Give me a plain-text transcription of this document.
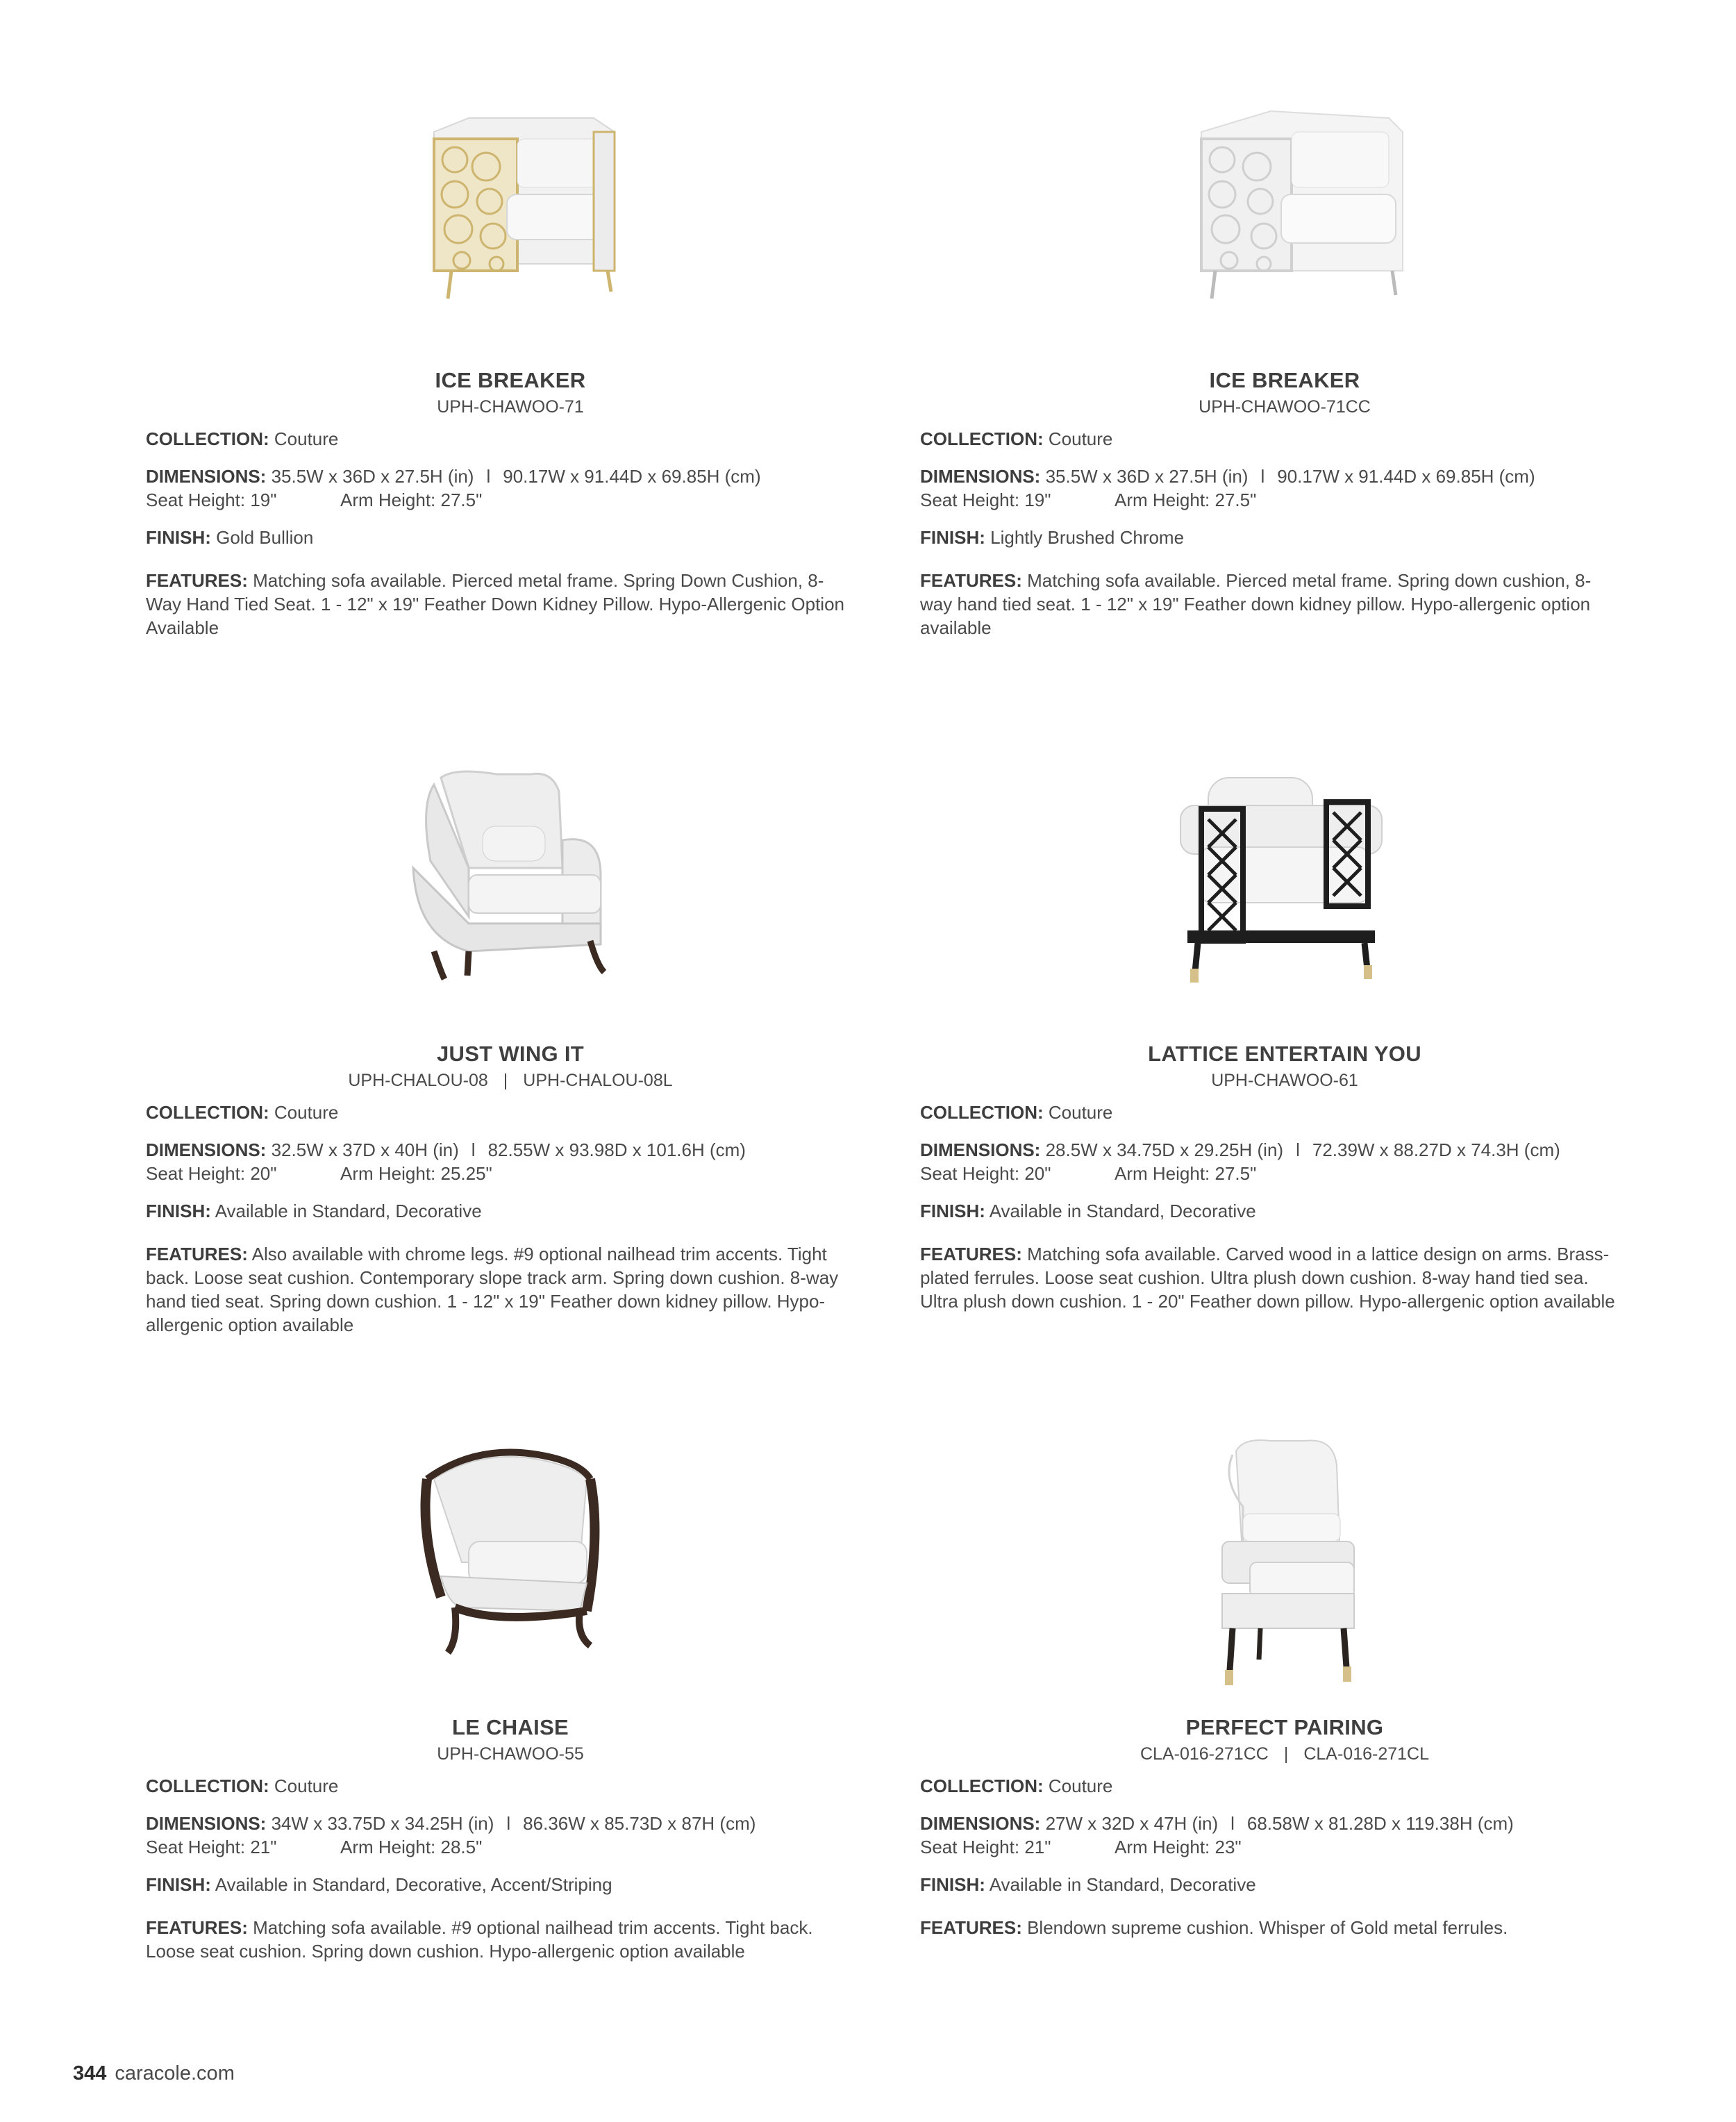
ICE BREAKER
UPH-CHAWOO-71
COLLECTION: Couture
DIMENSIONS: 35.5W x 36D x 27.5H (in) l 90.17W x 91.44D x 69.85H (cm)
Seat Height: 19"	Arm Height: 27.5"
FINISH: Gold Bullion
FEATURES: Matching sofa available. Pierced metal frame. Spring Down Cushion, 8-Way Hand Tied Seat. 1 - 12" x 19" Feather Down Kidney Pillow. Hypo-Allergenic Option Available
ICE BREAKER
UPH-CHAWOO-71CC
COLLECTION: Couture
DIMENSIONS: 35.5W x 36D x 27.5H (in) l 90.17W x 91.44D x 69.85H (cm)
Seat Height: 19"	Arm Height: 27.5"
FINISH: Lightly Brushed Chrome
FEATURES: Matching sofa available. Pierced metal frame. Spring down cushion, 8-way hand tied seat. 1 - 12" x 19" Feather down kidney pillow. Hypo-allergenic option available
JUST WING IT
UPH-CHALOU-08 | UPH-CHALOU-08L
COLLECTION: Couture
DIMENSIONS: 32.5W x 37D x 40H (in) l 82.55W x 93.98D x 101.6H (cm)
Seat Height: 20"	Arm Height: 25.25"
FINISH: Available in Standard, Decorative
FEATURES: Also available with chrome legs. #9 optional nailhead trim accents. Tight back. Loose seat cushion. Contemporary slope track arm. Spring down cushion. 8-way hand tied seat. Spring down cushion. 1 - 12" x 19" Feather down kidney pillow. Hypo-allergenic option available
LATTICE ENTERTAIN YOU
UPH-CHAWOO-61
COLLECTION: Couture
DIMENSIONS: 28.5W x 34.75D x 29.25H (in) l 72.39W x 88.27D x 74.3H (cm)
Seat Height: 20"	Arm Height: 27.5"
FINISH: Available in Standard, Decorative
FEATURES: Matching sofa available. Carved wood in a lattice design on arms. Brass-plated ferrules. Loose seat cushion. Ultra plush down cushion. 8-way hand tied sea. Ultra plush down cushion. 1 - 20" Feather down pillow. Hypo-allergenic option available
LE CHAISE
UPH-CHAWOO-55
COLLECTION: Couture
DIMENSIONS: 34W x 33.75D x 34.25H (in) l 86.36W x 85.73D x 87H (cm)
Seat Height: 21"	Arm Height: 28.5"
FINISH: Available in Standard, Decorative, Accent/Striping
FEATURES: Matching sofa available. #9 optional nailhead trim accents. Tight back. Loose seat cushion. Spring down cushion. Hypo-allergenic option available
PERFECT PAIRING
CLA-016-271CC | CLA-016-271CL
COLLECTION: Couture
DIMENSIONS: 27W x 32D x 47H (in) l 68.58W x 81.28D x 119.38H (cm)
Seat Height: 21"	Arm Height: 23"
FINISH: Available in Standard, Decorative
FEATURES: Blendown supreme cushion. Whisper of Gold metal ferrules.
344 caracole.com
